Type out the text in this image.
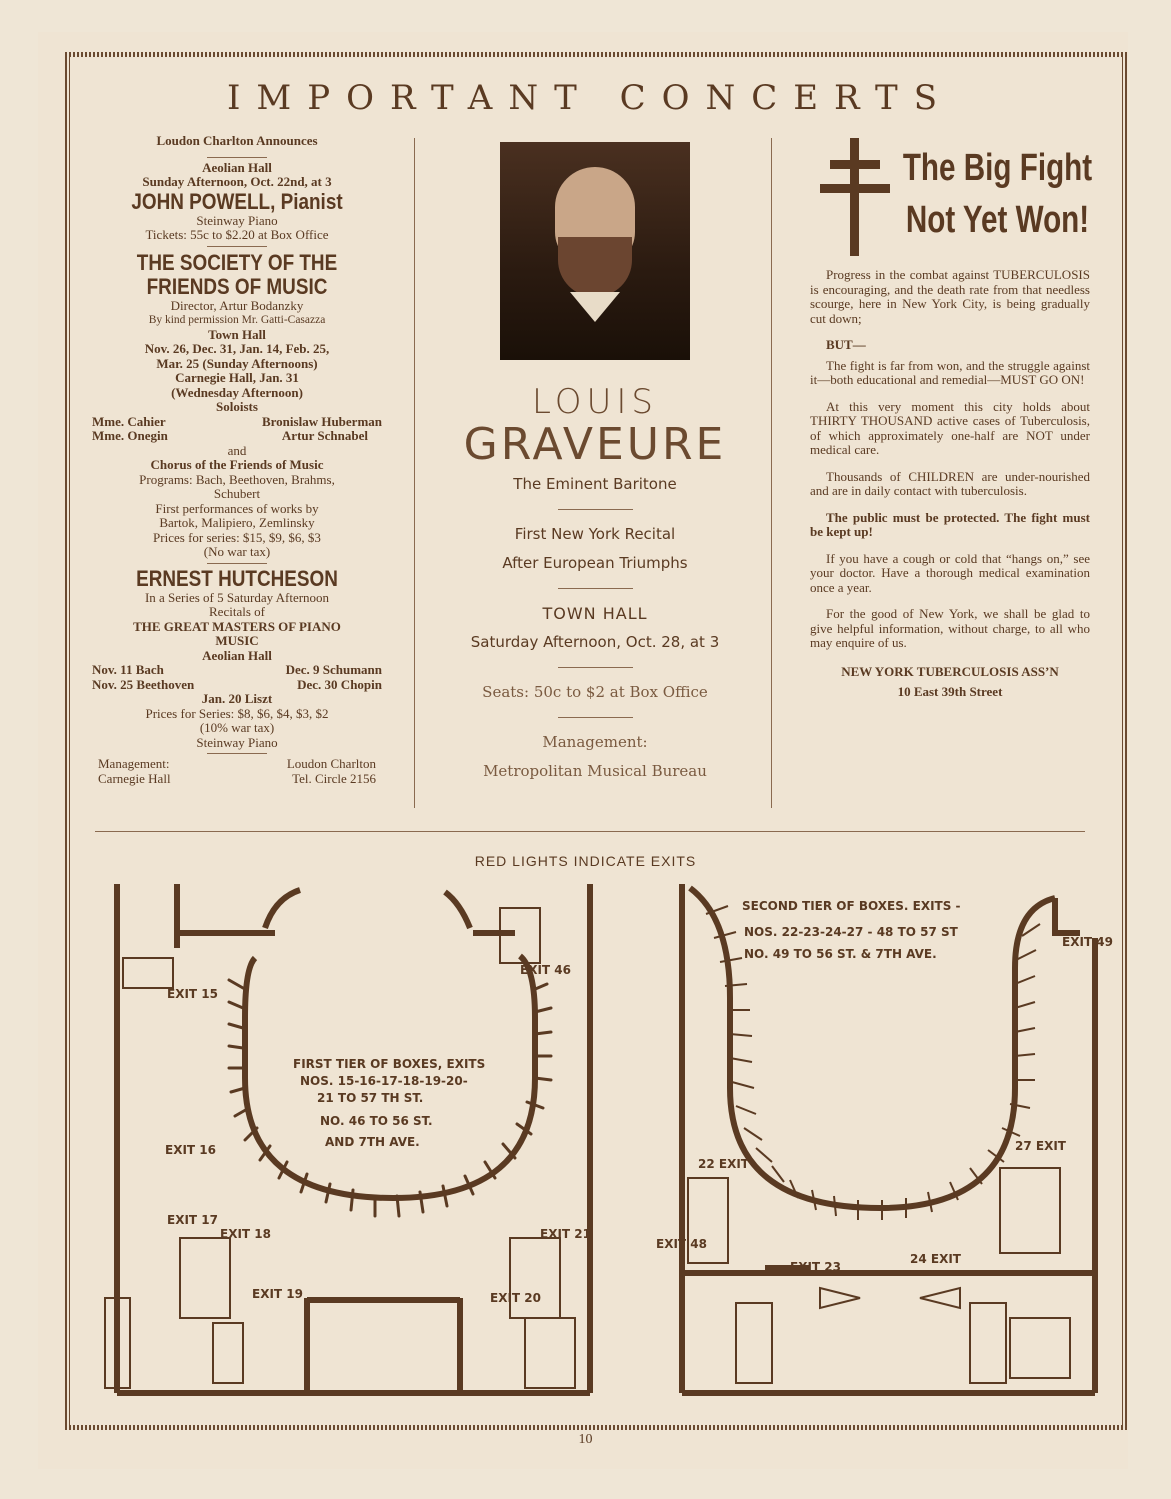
IMPORTANT CONCERTS
Loudon Charlton Announces
Aeolian Hall
Sunday Afternoon, Oct. 22nd, at 3
JOHN POWELL, Pianist
Steinway Piano
Tickets: 55c to $2.20 at Box Office
THE SOCIETY OF THE
FRIENDS OF MUSIC
Director, Artur Bodanzky
By kind permission Mr. Gatti-Casazza
Town Hall
Nov. 26, Dec. 31, Jan. 14, Feb. 25,
Mar. 25 (Sunday Afternoons)
Carnegie Hall, Jan. 31
(Wednesday Afternoon)
Soloists
Mme. Cahier	Bronislaw Huberman
Mme. Onegin	Artur Schnabel
and
Chorus of the Friends of Music
Programs: Bach, Beethoven, Brahms,
Schubert
First performances of works by
Bartok, Malipiero, Zemlinsky
Prices for series: $15, $9, $6, $3
(No war tax)
ERNEST HUTCHESON
In a Series of 5 Saturday Afternoon
Recitals of
THE GREAT MASTERS OF PIANO
MUSIC
Aeolian Hall
Nov. 11 Bach	Dec. 9 Schumann
Nov. 25 Beethoven	Dec. 30 Chopin
Jan. 20 Liszt
Prices for Series: $8, $6, $4, $3, $2
(10% war tax)
Steinway Piano
Management:	Loudon Charlton
Carnegie Hall	Tel. Circle 2156
LOUIS
GRAVEURE
The Eminent Baritone
First New York Recital
After European Triumphs
TOWN HALL
Saturday Afternoon, Oct. 28, at 3
Seats: 50c to $2 at Box Office
Management:
Metropolitan Musical Bureau
The Big Fight
Not Yet Won!

Progress in the combat against TUBERCULOSIS is encouraging, and the death rate from that needless scourge, here in New York City, is being gradually cut down;

BUT—

The fight is far from won, and the struggle against it—both educational and remedial—MUST GO ON!

At this very moment this city holds about THIRTY THOUSAND active cases of Tuberculosis, of which approximately one-half are NOT under medical care.

Thousands of CHILDREN are under-nourished and are in daily contact with tuberculosis.

The public must be protected. The fight must be kept up!

If you have a cough or cold that “hangs on,” see your doctor. Have a thorough medical examination once a year.

For the good of New York, we shall be glad to give helpful information, without charge, to all who may enquire of us.

NEW YORK TUBERCULOSIS ASS’N
10 East 39th Street
RED LIGHTS INDICATE EXITS
FIRST TIER OF BOXES, EXITS
NOS. 15-16-17-18-19-20-
21 TO 57 TH ST.
NO. 46 TO 56 ST.
AND 7TH AVE.
EXIT 15
EXIT 16
EXIT 17
EXIT 18
EXIT 19	EXIT 20
EXIT 21
EXIT 46
SECOND TIER OF BOXES. EXITS -
NOS. 22-23-24-27 - 48 TO 57 ST
NO. 49 TO 56 ST. & 7TH AVE.
EXIT 49
22 EXIT
27 EXIT
EXIT 48
EXIT 23
24 EXIT
10
